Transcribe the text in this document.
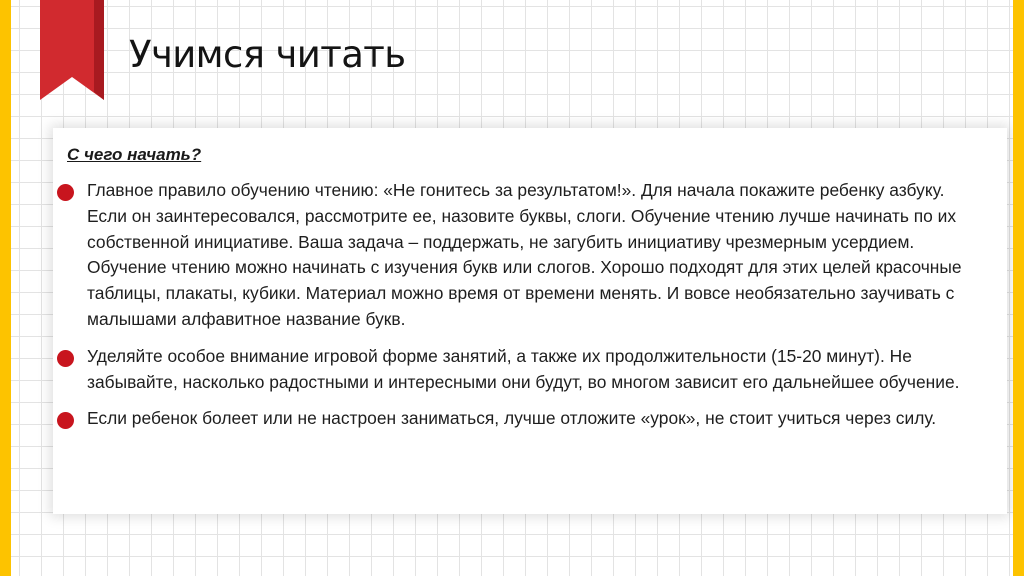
Учимся читать

С чего начать?

Главное правило обучению чтению: «Не гонитесь за результатом!». Для начала покажите ребенку азбуку. Если он заинтересовался, рассмотрите ее, назовите буквы, слоги. Обучение чтению лучше начинать по их собственной инициативе. Ваша задача – поддержать, не загубить инициативу чрезмерным усердием.

Обучение чтению можно начинать с изучения букв или слогов. Хорошо подходят для этих целей красочные таблицы, плакаты, кубики. Материал можно время от времени менять. И вовсе необязательно заучивать с малышами алфавитное название букв.

Уделяйте особое внимание игровой форме занятий, а также их продолжительности (15-20 минут). Не забывайте, насколько радостными и интересными они будут, во многом зависит его дальнейшее обучение.

Если ребенок болеет или не настроен заниматься, лучше отложите «урок», не стоит учиться через силу.
